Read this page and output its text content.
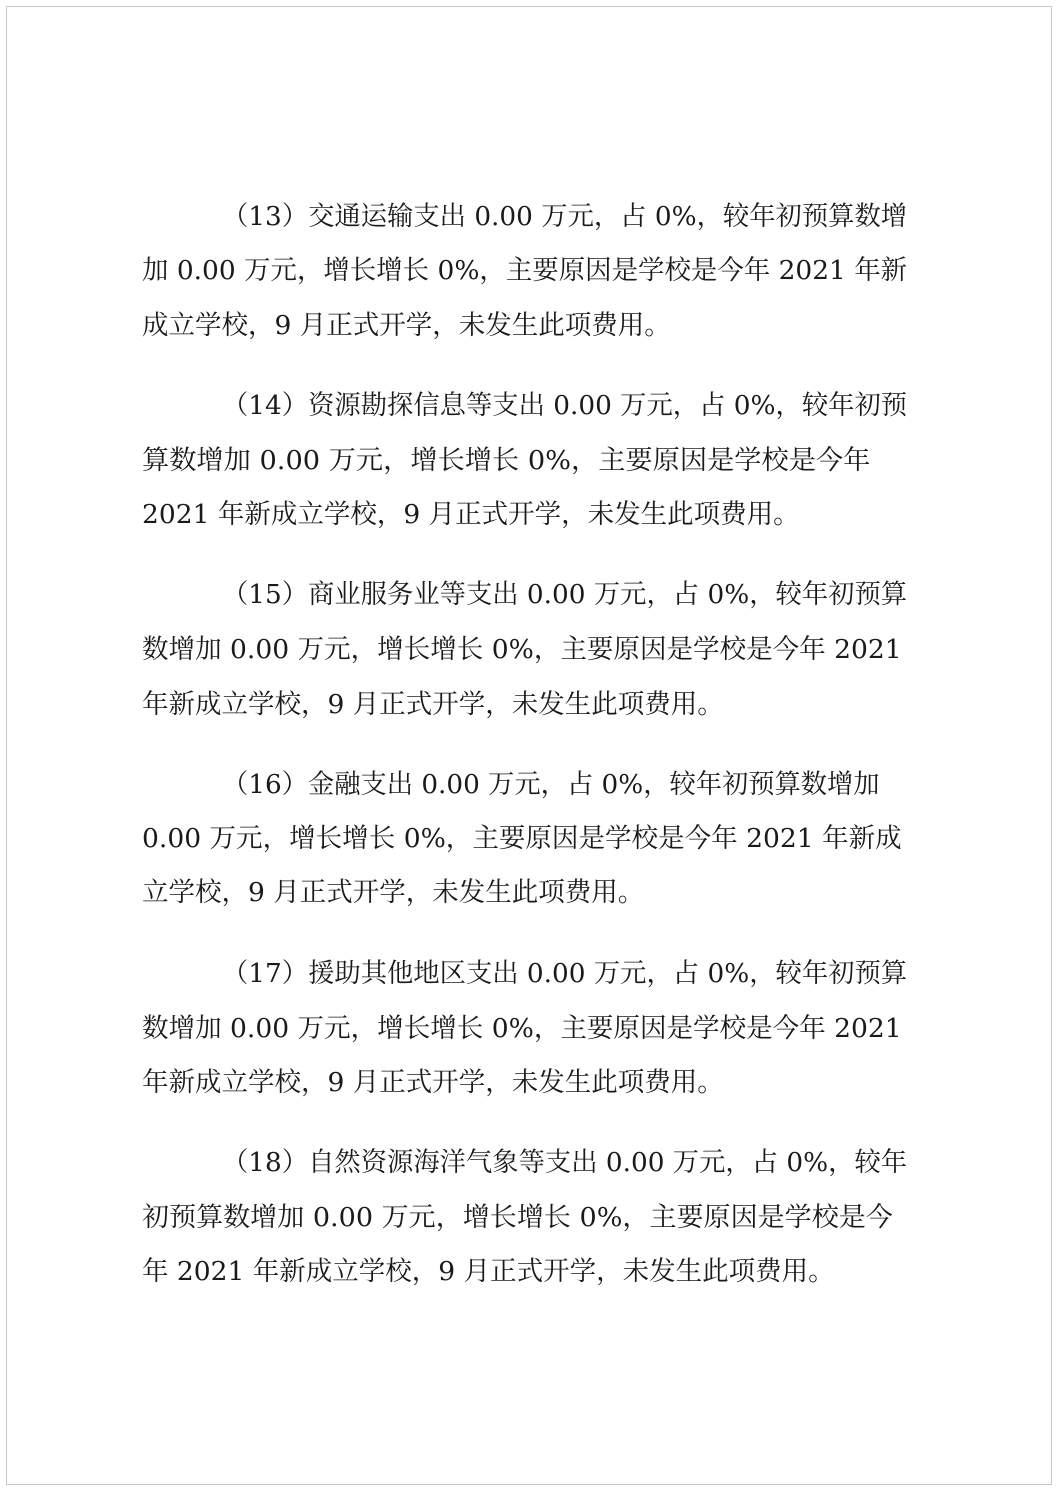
（13）交通运输支出 0.00 万元，占 0%，较年初预算数增

加 0.00 万元，增长增长 0%，主要原因是学校是今年 2021 年新

成立学校，9 月正式开学，未发生此项费用。

（14）资源勘探信息等支出 0.00 万元，占 0%，较年初预

算数增加 0.00 万元，增长增长 0%，主要原因是学校是今年

2021 年新成立学校，9 月正式开学，未发生此项费用。

（15）商业服务业等支出 0.00 万元，占 0%，较年初预算

数增加 0.00 万元，增长增长 0%，主要原因是学校是今年 2021

年新成立学校，9 月正式开学，未发生此项费用。

（16）金融支出 0.00 万元，占 0%，较年初预算数增加

0.00 万元，增长增长 0%，主要原因是学校是今年 2021 年新成

立学校，9 月正式开学，未发生此项费用。

（17）援助其他地区支出 0.00 万元，占 0%，较年初预算

数增加 0.00 万元，增长增长 0%，主要原因是学校是今年 2021

年新成立学校，9 月正式开学，未发生此项费用。

（18）自然资源海洋气象等支出 0.00 万元，占 0%，较年

初预算数增加 0.00 万元，增长增长 0%，主要原因是学校是今

年 2021 年新成立学校，9 月正式开学，未发生此项费用。
